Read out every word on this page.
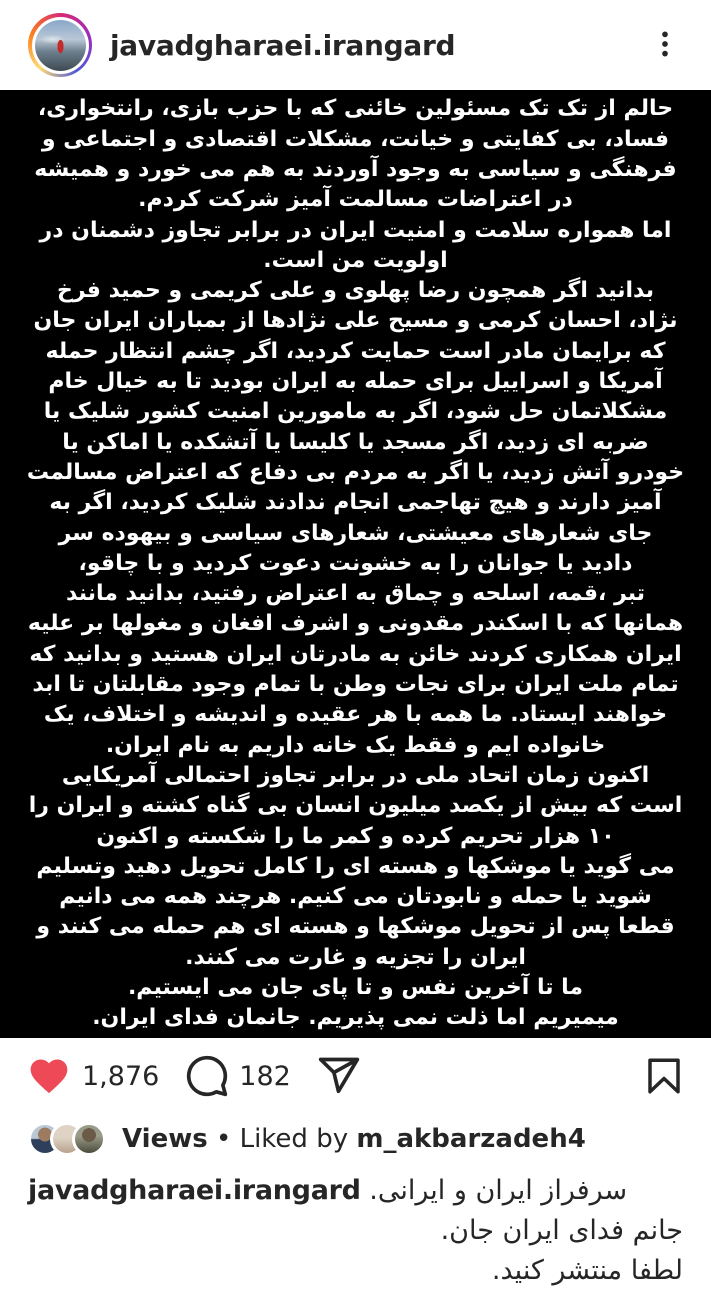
javadgharaei.irangard
حالم از تک تک مسئولین خائنی که با حزب بازی، رانتخواری،
فساد، بی کفایتی و خیانت، مشکلات اقتصادی و اجتماعی و
فرهنگی و سیاسی به وجود آوردند به هم می خورد و همیشه
در اعتراضات مسالمت آمیز شرکت کردم.
اما همواره سلامت و امنیت ایران در برابر تجاوز دشمنان در
اولویت من است.
بدانید اگر همچون رضا پهلوی و علی کریمی و حمید فرخ
نژاد، احسان کرمی و مسیح علی نژادها از بمباران ایران جان
که برایمان مادر است حمایت کردید، اگر چشم انتظار حمله
آمریکا و اسراییل برای حمله به ایران بودید تا به خیال خام
مشکلاتمان حل شود، اگر به مامورین امنیت کشور شلیک یا
ضربه ای زدید، اگر مسجد یا کلیسا یا آتشکده یا اماکن یا
خودرو آتش زدید، یا اگر به مردم بی دفاع که اعتراض مسالمت
آمیز دارند و هیچ تهاجمی انجام ندادند شلیک کردید، اگر به
جای شعارهای معیشتی، شعارهای سیاسی و بیهوده سر
دادید یا جوانان را به خشونت دعوت کردید و با چاقو،
تبر ،قمه، اسلحه و چماق به اعتراض رفتید، بدانید مانند
همانها که با اسکندر مقدونی و اشرف افغان و مغولها بر علیه
ایران همکاری کردند خائن به مادرتان ایران هستید و بدانید که
تمام ملت ایران برای نجات وطن با تمام وجود مقابلتان تا ابد
خواهند ایستاد. ما همه با هر عقیده و اندیشه و اختلاف، یک
خانواده ایم و فقط یک خانه داریم به نام ایران.
اکنون زمان اتحاد ملی در برابر تجاوز احتمالی آمریکایی
است که بیش از یکصد میلیون انسان بی گناه کشته و ایران را
۱۰ هزار تحریم کرده و کمر ما را شکسته و اکنون
می گوید یا موشکها و هسته ای را کامل تحویل دهید وتسلیم
شوید یا حمله و نابودتان می کنیم. هرچند همه می دانیم
قطعا پس از تحویل موشکها و هسته ای هم حمله می کنند و
ایران را تجزیه و غارت می کنند.
ما تا آخرین نفس و تا پای جان می ایستیم.
میمیریم اما ذلت نمی پذیریم. جانمان فدای ایران.
1,876	182
Views • Liked by m_akbarzadeh4
javadgharaei.irangard سرفراز ایران و ایرانی.
جانم فدای ایران جان.
لطفا منتشر کنید.
